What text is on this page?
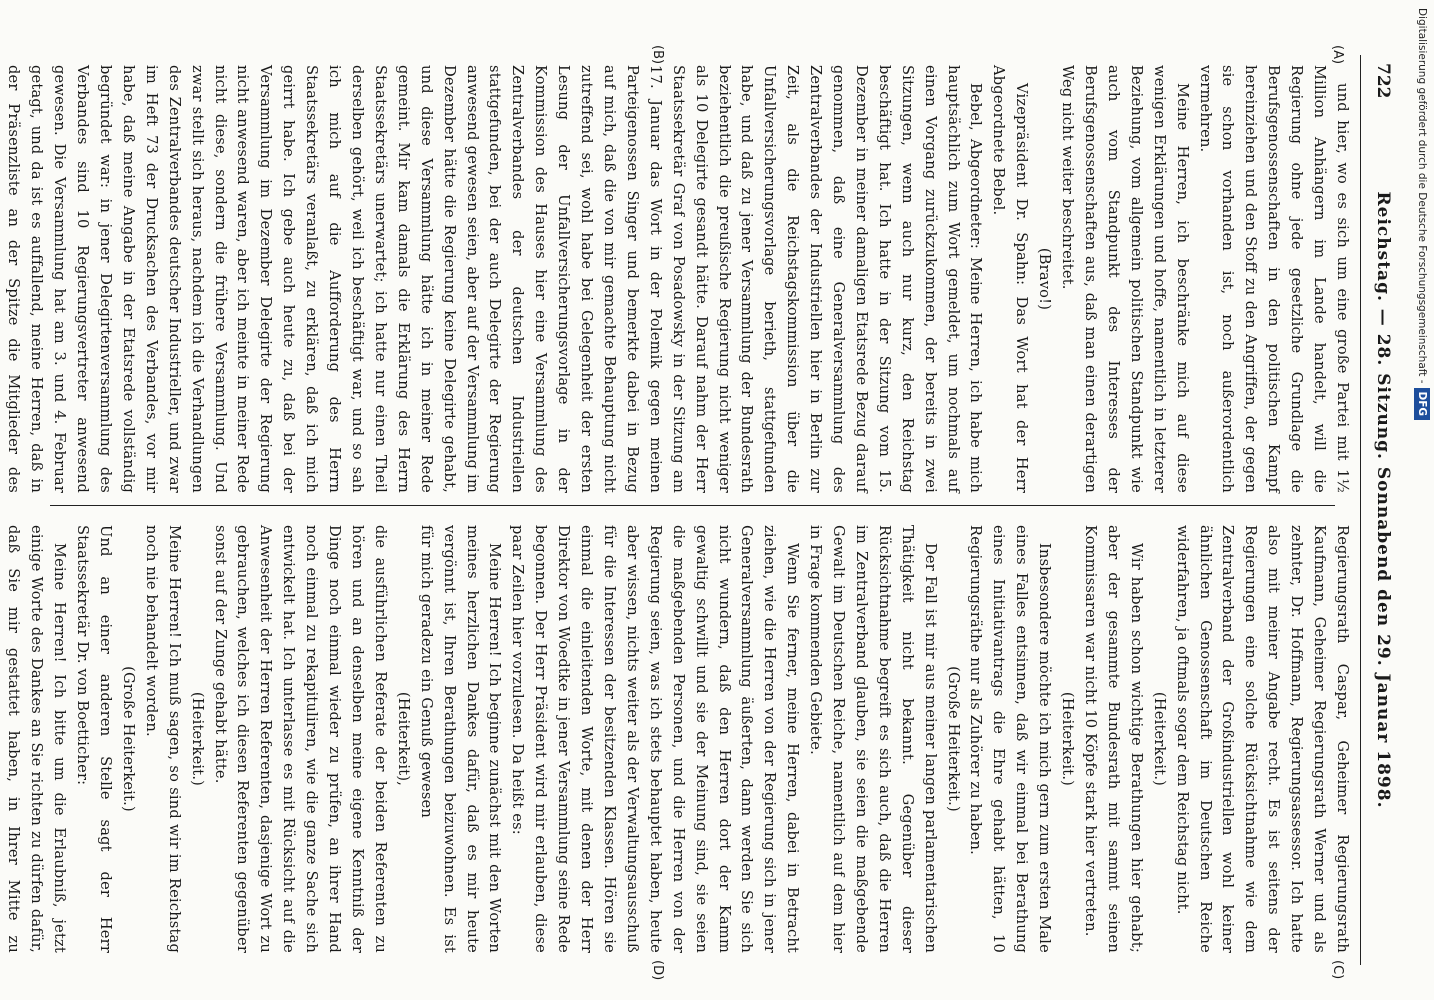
722
Reichstag. — 28. Sitzung. Sonnabend den 29. Januar 1898.
(A)
(B)
(C)
(D)

und hier, wo es sich um eine große Partei mit 1½ Million Anhängern im Lande handelt, will die Regierung ohne jede gesetzliche Grundlage die Berufsgenossenschaften in den politischen Kampf hereinziehen und den Stoff zu den Angriffen, der gegen sie schon vorhanden ist, noch außerordentlich vermehren.

Meine Herren, ich beschränke mich auf diese wenigen Erklärungen und hoffe, namentlich in letzterer Beziehung, vom allgemein politischen Standpunkt wie auch vom Standpunkt des Interesses der Berufsgenossenschaften aus, daß man einen derartigen Weg nicht weiter beschreitet.

(Bravo!)

Vizepräsident Dr. Spahn: Das Wort hat der Herr Abgeordnete Bebel.

Bebel, Abgeordneter: Meine Herren, ich habe mich hauptsächlich zum Wort gemeldet, um nochmals auf einen Vorgang zurückzukommen, der bereits in zwei Sitzungen, wenn auch nur kurz, den Reichstag beschäftigt hat. Ich hatte in der Sitzung vom 15. Dezember in meiner damaligen Etatsrede Bezug darauf genommen, daß eine Generalversammlung des Zentralverbandes der Industriellen hier in Berlin zur Zeit, als die Reichstagskommission über die Unfallversicherungsvorlage berieth, stattgefunden habe, und daß zu jener Versammlung der Bundesrath beziehentlich die preußische Regierung nicht weniger als 10 Delegirte gesandt hätte. Darauf nahm der Herr Staatssekretär Graf von Posadowsky in der Sitzung am 17. Januar das Wort in der Polemik gegen meinen Parteigenossen Singer und bemerkte dabei in Bezug auf mich, daß die von mir gemachte Behauptung nicht zutreffend sei, wohl habe bei Gelegenheit der ersten Lesung der Unfallversicherungsvorlage in der Kommission des Hauses hier eine Versammlung des Zentralverbandes der deutschen Industriellen stattgefunden, bei der auch Delegirte der Regierung anwesend gewesen seien, aber auf der Versammlung im Dezember hätte die Regierung keine Delegirte gehabt, und diese Versammlung hätte ich in meiner Rede gemeint. Mir kam damals die Erklärung des Herrn Staatssekretärs unerwartet; ich hatte nur einen Theil derselben gehört, weil ich beschäftigt war, und so sah ich mich auf die Aufforderung des Herrn Staatssekretärs veranlaßt, zu erklären, daß ich mich geirrt habe. Ich gebe auch heute zu, daß bei der Versammlung im Dezember Delegirte der Regierung nicht anwesend waren, aber ich meinte in meiner Rede nicht diese, sondern die frühere Versammlung. Und zwar stellt sich heraus, nachdem ich die Verhandlungen des Zentralverbandes deutscher Industrieller, und zwar im Heft 73 der Drucksachen des Verbandes, vor mir habe, daß meine Angabe in der Etatsrede vollständig begründet war: in jener Delegirtenversammlung des Verbandes sind 10 Regierungsvertreter anwesend gewesen. Die Versammlung hat am 3. und 4. Februar getagt, und da ist es auffallend, meine Herren, daß in der Präsenzliste an der Spitze die Mitglieder des

Regierungsrath Caspar, Geheimer Regierungsrath Kaufmann, Geheimer Regierungsrath Werner und als zehnter, Dr. Hoffmann, Regierungsassessor. Ich hatte also mit meiner Angabe recht. Es ist seitens der Regierungen eine solche Rücksichtnahme wie dem Zentralverband der Großindustriellen wohl keiner ähnlichen Genossenschaft im Deutschen Reiche widerfahren, ja oftmals sogar dem Reichstag nicht.

(Heiterkeit.)

Wir haben schon wichtige Berathungen hier gehabt; aber der gesammte Bundesrath mit sammt seinen Kommissaren war nicht 10 Köpfe stark hier vertreten.

(Heiterkeit.)

Insbesondere möchte ich mich gern zum ersten Male eines Falles entsinnen, daß wir einmal bei Berathung eines Initiativantrags die Ehre gehabt hätten, 10 Regierungsräthe nur als Zuhörer zu haben.

(Große Heiterkeit.)

Der Fall ist mir aus meiner langen parlamentarischen Thätigkeit nicht bekannt. Gegenüber dieser Rücksichtnahme begreift es sich auch, daß die Herren im Zentralverband glauben, sie seien die maßgebende Gewalt im Deutschen Reiche, namentlich auf dem hier in Frage kommenden Gebiete.

Wenn Sie ferner, meine Herren, dabei in Betracht ziehen, wie die Herren von der Regierung sich in jener Generalversammlung äußerten, dann werden Sie sich nicht wundern, daß den Herren dort der Kamm gewaltig schwillt und sie der Meinung sind, sie seien die maßgebenden Personen, und die Herren von der Regierung seien, was ich stets behauptet haben, heute aber wissen, nichts weiter als der Verwaltungsausschuß für die Interessen der besitzenden Klassen. Hören sie einmal die einleitenden Worte, mit denen der Herr Direktor von Woedtke in jener Versammlung seine Rede begonnen. Der Herr Präsident wird mir erlauben, diese paar Zeilen hier vorzulesen. Da heißt es:

Meine Herren! Ich beginne zunächst mit den Worten meines herzlichen Dankes dafür, daß es mir heute vergönnt ist, Ihren Berathungen beizuwohnen. Es ist für mich geradezu ein Genuß gewesen

(Heiterkeit),

die ausführlichen Referate der beiden Referenten zu hören und an denselben meine eigene Kenntniß der Dinge noch einmal wieder zu prüfen, an ihrer Hand noch einmal zu rekapituliren, wie die ganze Sache sich entwickelt hat. Ich unterlasse es mit Rücksicht auf die Anwesenheit der Herren Referenten, dasjenige Wort zu gebrauchen, welches ich diesen Referenten gegenüber sonst auf der Zunge gehabt hätte.

(Heiterkeit.)

Meine Herren! Ich muß sagen, so sind wir im Reichstag noch nie behandelt worden.

(Große Heiterkeit.)

Und an einer anderen Stelle sagt der Herr Staatssekretär Dr. von Boetticher:

Meine Herren! Ich bitte um die Erlaubniß, jetzt einige Worte des Dankes an Sie richten zu dürfen dafür, daß Sie mir gestattet haben, in Ihrer Mitte zu

Digitalisierung gefördert durch die Deutsche Forschungsgemeinschaft -DFG
